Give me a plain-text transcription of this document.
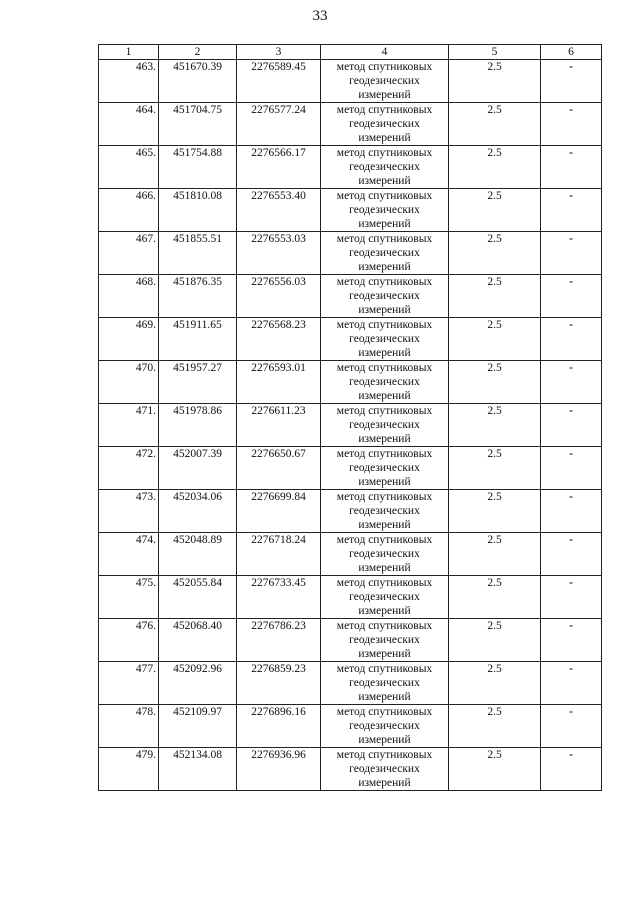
33
1	2	3	4	5	6
463.	451670.39	2276589.45	метод спутниковых геодезических измерений	2.5	-
464.	451704.75	2276577.24	метод спутниковых геодезических измерений	2.5	-
465.	451754.88	2276566.17	метод спутниковых геодезических измерений	2.5	-
466.	451810.08	2276553.40	метод спутниковых геодезических измерений	2.5	-
467.	451855.51	2276553.03	метод спутниковых геодезических измерений	2.5	-
468.	451876.35	2276556.03	метод спутниковых геодезических измерений	2.5	-
469.	451911.65	2276568.23	метод спутниковых геодезических измерений	2.5	-
470.	451957.27	2276593.01	метод спутниковых геодезических измерений	2.5	-
471.	451978.86	2276611.23	метод спутниковых геодезических измерений	2.5	-
472.	452007.39	2276650.67	метод спутниковых геодезических измерений	2.5	-
473.	452034.06	2276699.84	метод спутниковых геодезических измерений	2.5	-
474.	452048.89	2276718.24	метод спутниковых геодезических измерений	2.5	-
475.	452055.84	2276733.45	метод спутниковых геодезических измерений	2.5	-
476.	452068.40	2276786.23	метод спутниковых геодезических измерений	2.5	-
477.	452092.96	2276859.23	метод спутниковых геодезических измерений	2.5	-
478.	452109.97	2276896.16	метод спутниковых геодезических измерений	2.5	-
479.	452134.08	2276936.96	метод спутниковых геодезических измерений	2.5	-
